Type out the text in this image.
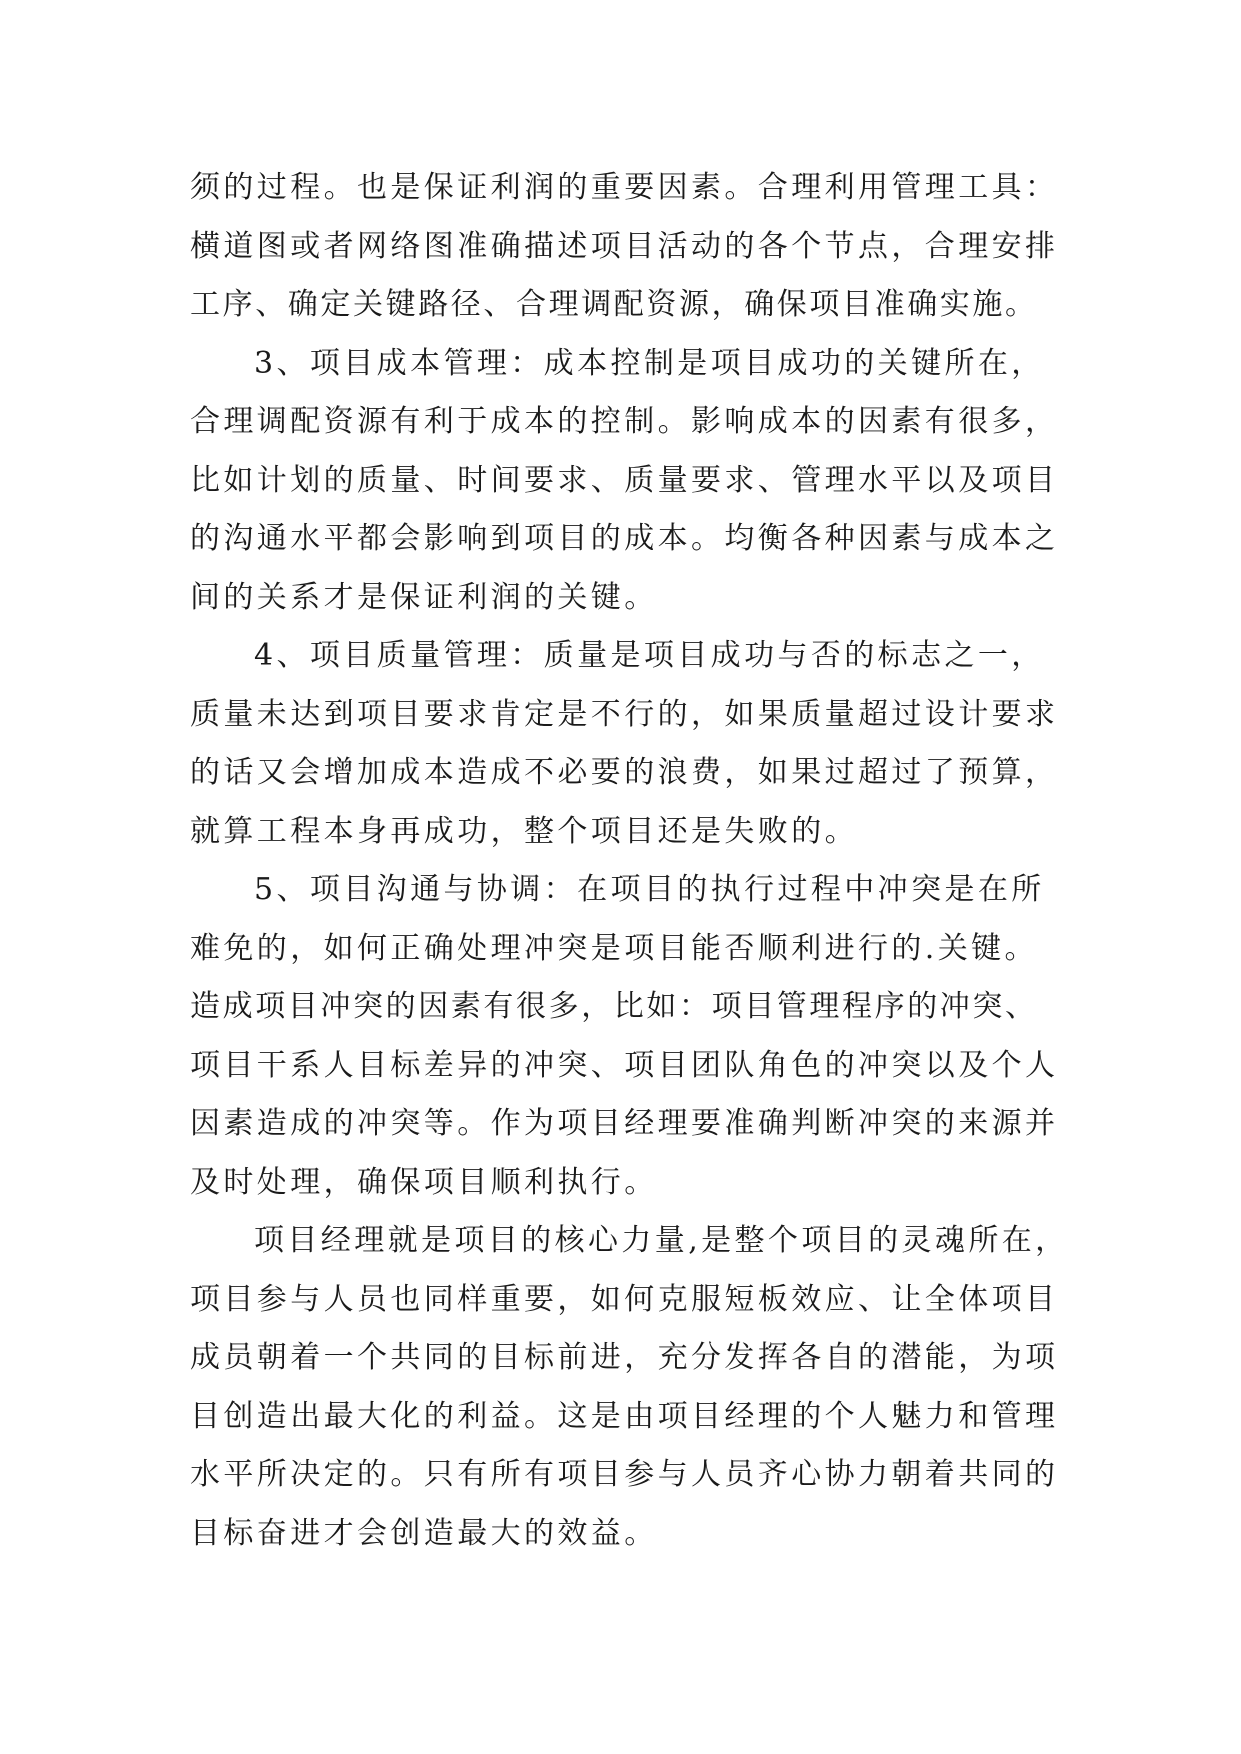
须的过程。也是保证利润的重要因素。合理利用管理工具：
横道图或者网络图准确描述项目活动的各个节点，合理安排
工序、确定关键路径、合理调配资源，确保项目准确实施。
3、项目成本管理：成本控制是项目成功的关键所在，
合理调配资源有利于成本的控制。影响成本的因素有很多，
比如计划的质量、时间要求、质量要求、管理水平以及项目
的沟通水平都会影响到项目的成本。均衡各种因素与成本之
间的关系才是保证利润的关键。
4、项目质量管理：质量是项目成功与否的标志之一，
质量未达到项目要求肯定是不行的，如果质量超过设计要求
的话又会增加成本造成不必要的浪费，如果过超过了预算，
就算工程本身再成功，整个项目还是失败的。
5、项目沟通与协调：在项目的执行过程中冲突是在所
难免的，如何正确处理冲突是项目能否顺利进行的.关键。
造成项目冲突的因素有很多，比如：项目管理程序的冲突、
项目干系人目标差异的冲突、项目团队角色的冲突以及个人
因素造成的冲突等。作为项目经理要准确判断冲突的来源并
及时处理，确保项目顺利执行。
项目经理就是项目的核心力量,是整个项目的灵魂所在，
项目参与人员也同样重要，如何克服短板效应、让全体项目
成员朝着一个共同的目标前进，充分发挥各自的潜能，为项
目创造出最大化的利益。这是由项目经理的个人魅力和管理
水平所决定的。只有所有项目参与人员齐心协力朝着共同的
目标奋进才会创造最大的效益。
